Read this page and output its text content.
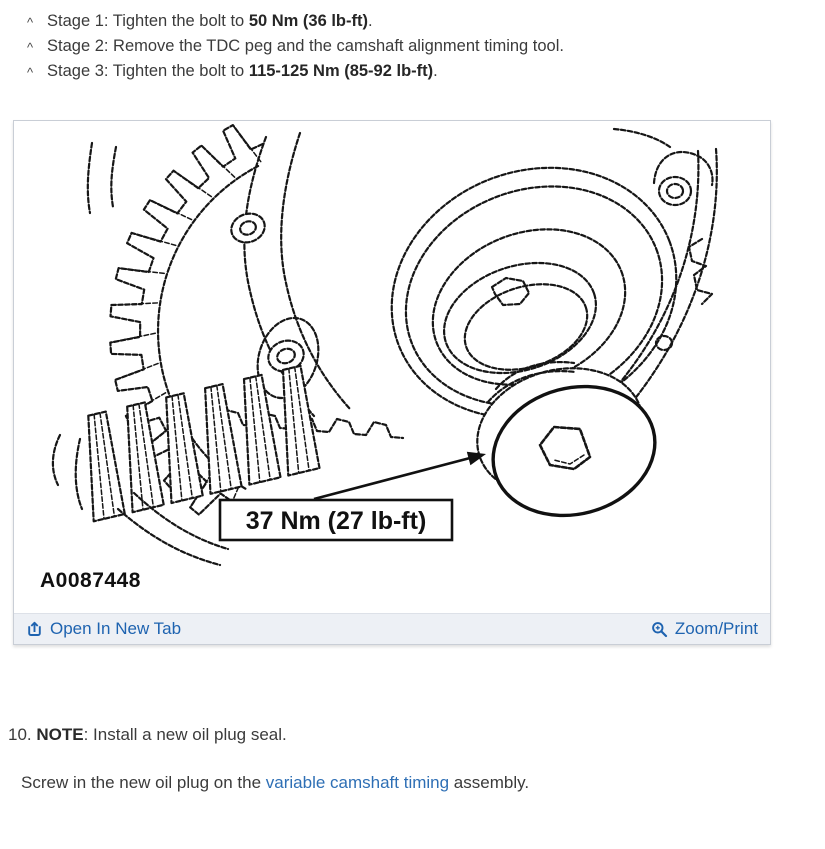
^ Stage 1: Tighten the bolt to 50 Nm (36 lb-ft).
^ Stage 2: Remove the TDC peg and the camshaft alignment timing tool.
^ Stage 3: Tighten the bolt to 115-125 Nm (85-92 lb-ft).
37 Nm (27 lb-ft)
A0087448
Open In New Tab	Zoom/Print
10. NOTE: Install a new oil plug seal.
Screw in the new oil plug on the variable camshaft timing assembly.
